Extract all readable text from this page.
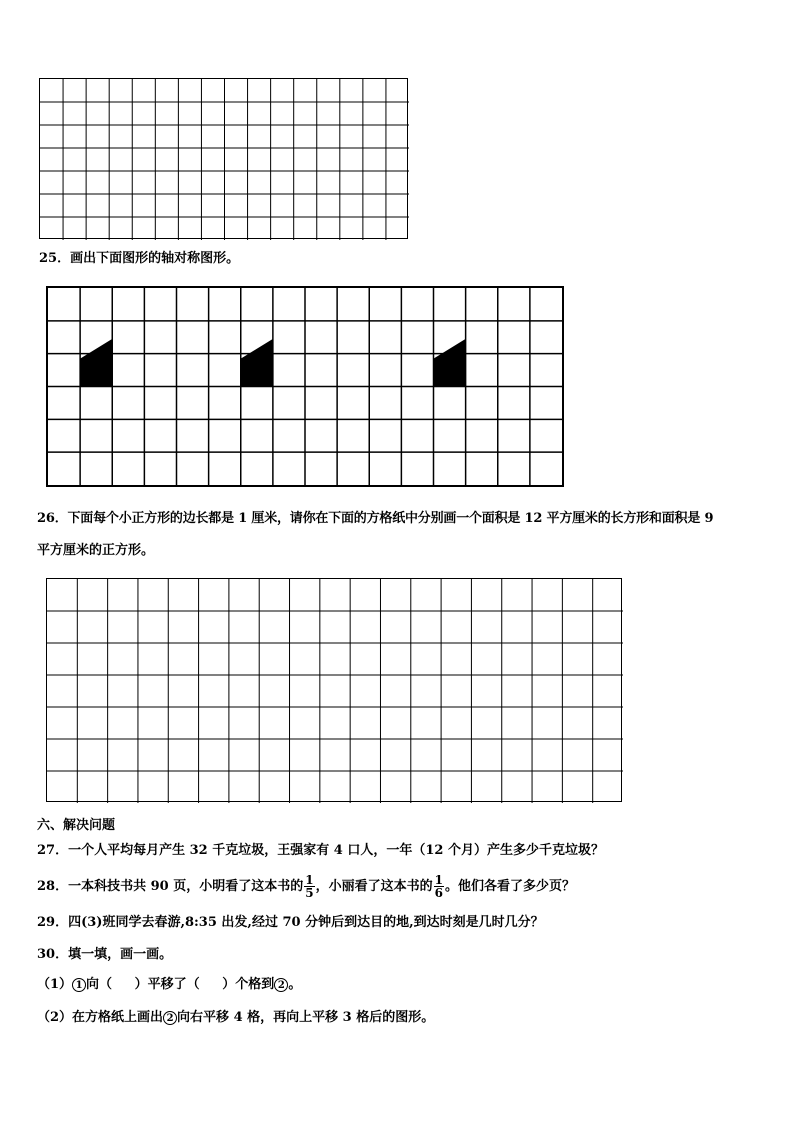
25．画出下面图形的轴对称图形。
26．下面每个小正方形的边长都是 1 厘米，请你在下面的方格纸中分别画一个面积是 12 平方厘米的长方形和面积是 9
平方厘米的正方形。
六、解决问题
27．一个人平均每月产生 32 千克垃圾，王强家有 4 口人，一年（12 个月）产生多少千克垃圾？
28．一本科技书共 90 页，小明看了这本书的 $\frac{1}{5}$ ，小丽看了这本书的 $\frac{1}{6}$ 。他们各看了多少页？
29．四(3)班同学去春游,8:35 出发,经过 70 分钟后到达目的地,到达时刻是几时几分？
30．填一填，画一画。
（1） 1 向（     ）平移了（     ）个格到 2 。
（2）在方格纸上画出 2 向右平移 4 格，再向上平移 3 格后的图形。
